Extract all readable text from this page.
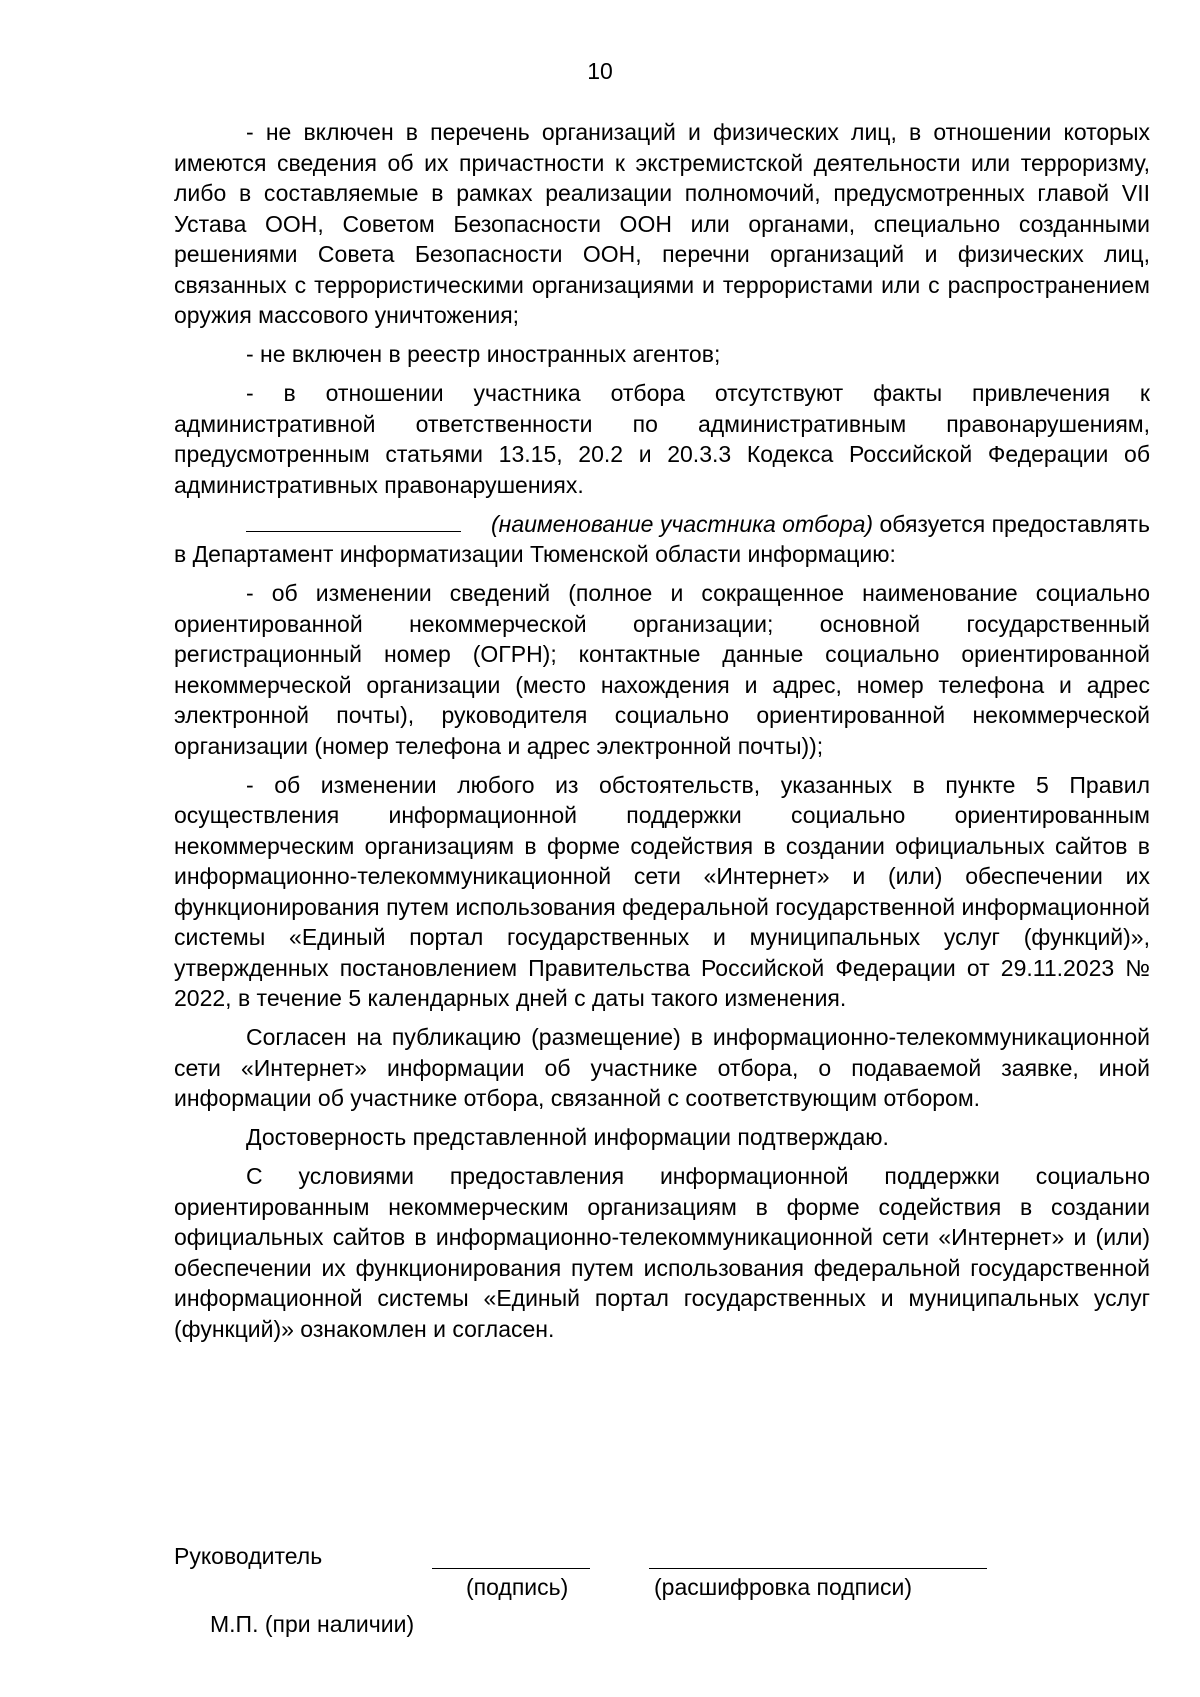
10

- не включен в перечень организаций и физических лиц, в отношении которых имеются сведения об их причастности к экстремистской деятельности или терроризму, либо в составляемые в рамках реализации полномочий, предусмотренных главой VII Устава ООН, Советом Безопасности ООН или органами, специально созданными решениями Совета Безопасности ООН, перечни организаций и физических лиц, связанных с террористическими организациями и террористами или с распространением оружия массового уничтожения;

- не включен в реестр иностранных агентов;

- в отношении участника отбора отсутствуют факты привлечения к административной ответственности по административным правонарушениям, предусмотренным статьями 13.15, 20.2 и 20.3.3 Кодекса Российской Федерации об административных правонарушениях.

(наименование участника отбора) обязуется предоставлять в Департамент информатизации Тюменской области информацию:

- об изменении сведений (полное и сокращенное наименование социально ориентированной некоммерческой организации; основной государственный регистрационный номер (ОГРН); контактные данные социально ориентированной некоммерческой организации (место нахождения и адрес, номер телефона и адрес электронной почты), руководителя социально ориентированной некоммерческой организации (номер телефона и адрес электронной почты));

- об изменении любого из обстоятельств, указанных в пункте 5 Правил осуществления информационной поддержки социально ориентированным некоммерческим организациям в форме содействия в создании официальных сайтов в информационно-телекоммуникационной сети «Интернет» и (или) обеспечении их функционирования путем использования федеральной государственной информационной системы «Единый портал государственных и муниципальных услуг (функций)», утвержденных постановлением Правительства Российской Федерации от 29.11.2023 № 2022, в течение 5 календарных дней с даты такого изменения.

Согласен на публикацию (размещение) в информационно-телекоммуникационной сети «Интернет» информации об участнике отбора, о подаваемой заявке, иной информации об участнике отбора, связанной с соответствующим отбором.

Достоверность представленной информации подтверждаю.

С условиями предоставления информационной поддержки социально ориентированным некоммерческим организациям в форме содействия в создании официальных сайтов в информационно-телекоммуникационной сети «Интернет» и (или) обеспечении их функционирования путем использования федеральной государственной информационной системы «Единый портал государственных и муниципальных услуг (функций)» ознакомлен и согласен.

Руководитель
(подпись)	(расшифровка подписи)
М.П. (при наличии)
